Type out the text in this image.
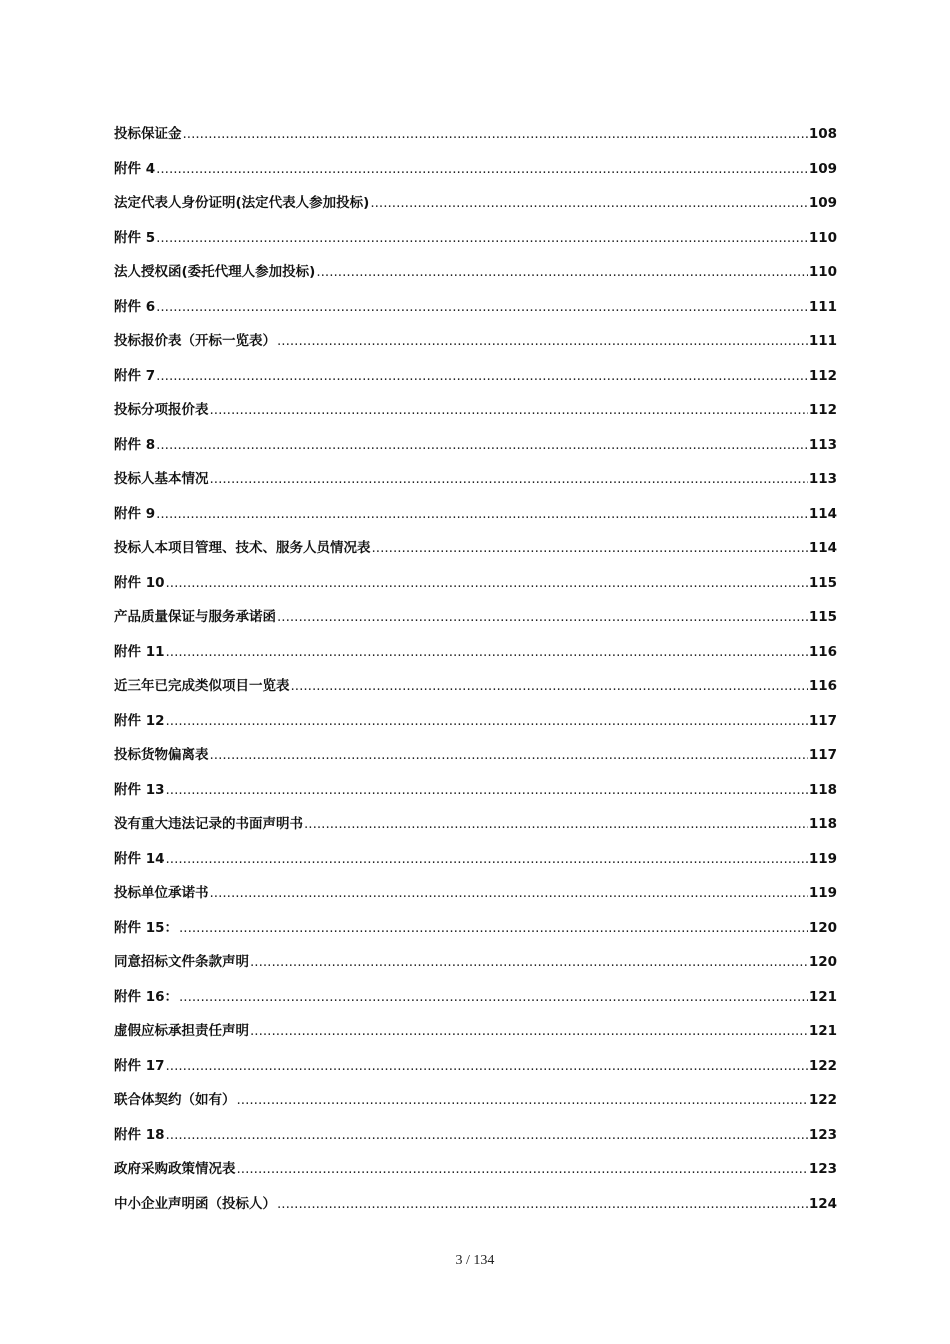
投标保证金 .....	108
附件 4 .....	109
法定代表人身份证明(法定代表人参加投标) .....	109
附件 5 .....	110
法人授权函(委托代理人参加投标) .....	110
附件 6 .....	111
投标报价表（开标一览表） .....	111
附件 7 .....	112
投标分项报价表 .....	112
附件 8 .....	113
投标人基本情况 .....	113
附件 9 .....	114
投标人本项目管理、技术、服务人员情况表 .....	114
附件 10 .....	115
产品质量保证与服务承诺函 .....	115
附件 11 .....	116
近三年已完成类似项目一览表 .....	116
附件 12 .....	117
投标货物偏离表 .....	117
附件 13 .....	118
没有重大违法记录的书面声明书 .....	118
附件 14 .....	119
投标单位承诺书 .....	119
附件 15： .....	120
同意招标文件条款声明 .....	120
附件 16： .....	121
虚假应标承担责任声明 .....	121
附件 17 .....	122
联合体契约（如有） .....	122
附件 18 .....	123
政府采购政策情况表 .....	123
中小企业声明函（投标人） .....	124
3 / 134
